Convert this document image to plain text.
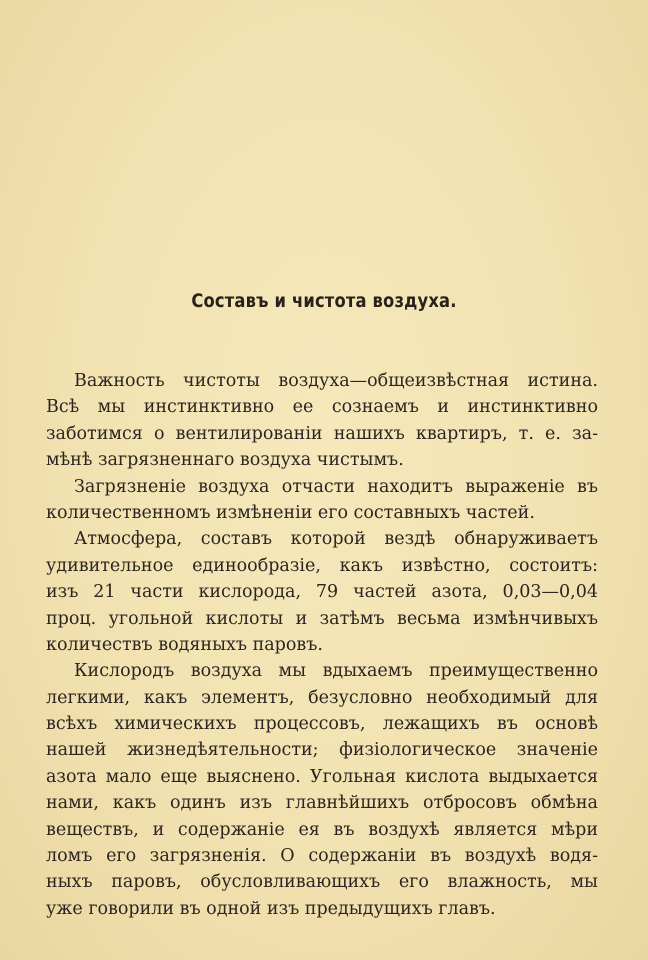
Составъ и чистота воздуха.
Важность чистоты воздуха—общеизвѣстная истина.
Всѣ мы инстинктивно ее сознаемъ и инстинктивно
заботимся о вентилированіи нашихъ квартиръ, т. е. за-
мѣнѣ загрязненнаго воздуха чистымъ.
Загрязненіе воздуха отчасти находитъ выраженіе въ
количественномъ измѣненіи его составныхъ частей.
Атмосфера, составъ которой вездѣ обнаруживаетъ
удивительное единообразіе, какъ извѣстно, состоитъ:
изъ 21 части кислорода, 79 частей азота, 0,03—0,04
проц. угольной кислоты и затѣмъ весьма измѣнчивыхъ
количествъ водяныхъ паровъ.
Кислородъ воздуха мы вдыхаемъ преимущественно
легкими, какъ элементъ, безусловно необходимый для
всѣхъ химическихъ процессовъ, лежащихъ въ основѣ
нашей жизнедѣятельности; физіологическое значеніе
азота мало еще выяснено. Угольная кислота выдыхается
нами, какъ одинъ изъ главнѣйшихъ отбросовъ обмѣна
веществъ, и содержанiе ея въ воздухѣ является мѣри
ломъ его загрязненія. О содержаніи въ воздухѣ водя-
ныхъ паровъ, обусловливающихъ его влажность, мы
уже говорили въ одной изъ предыдущихъ главъ.
